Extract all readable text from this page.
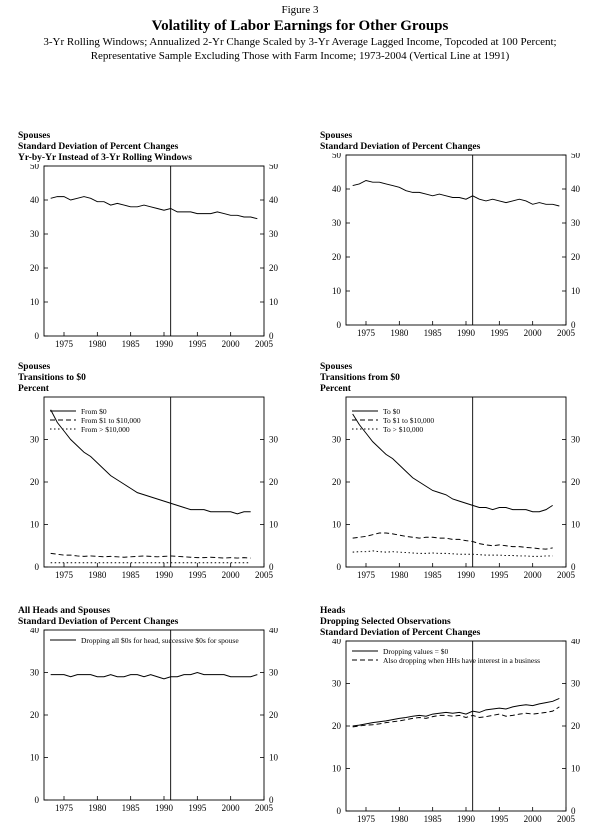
Figure 3
Volatility of Labor Earnings for Other Groups
3-Yr Rolling Windows; Annualized 2-Yr Change Scaled by 3-Yr Average Lagged Income, Topcoded at 100 Percent;
Representative Sample Excluding Those with Farm Income; 1973-2004 (Vertical Line at 1991)
Spouses
Standard Deviation of Percent Changes
Yr-by-Yr Instead of 3-Yr Rolling Windows
0	0
10	10
20	20
30	30
40	40
50	50
1975 1980 1985 1990 1995 2000 2005
Spouses
Standard Deviation of Percent Changes
0	0
10	10
20	20
30	30
40	40
50	50
1975 1980 1985 1990 1995 2000 2005
Spouses
Transitions to $0
Percent
0	0
10	10
20	20
30	30
1975 1980 1985 1990 1995 2000 2005
From $0
From $1 to $10,000
From > $10,000
Spouses
Transitions from $0
Percent
0	0
10	10
20	20
30	30
1975 1980 1985 1990 1995 2000 2005
To $0
To $1 to $10,000
To > $10,000
All Heads and Spouses
Standard Deviation of Percent Changes
0	0
10	10
20	20
30	30
40	40
1975 1980 1985 1990 1995 2000 2005
Dropping all $0s for head, successive $0s for spouse
Heads
Dropping Selected Observations
Standard Deviation of Percent Changes
0	0
10	10
20	20
30	30
40	40
1975 1980 1985 1990 1995 2000 2005
Dropping values = $0
Also dropping when HHs have interest in a business
